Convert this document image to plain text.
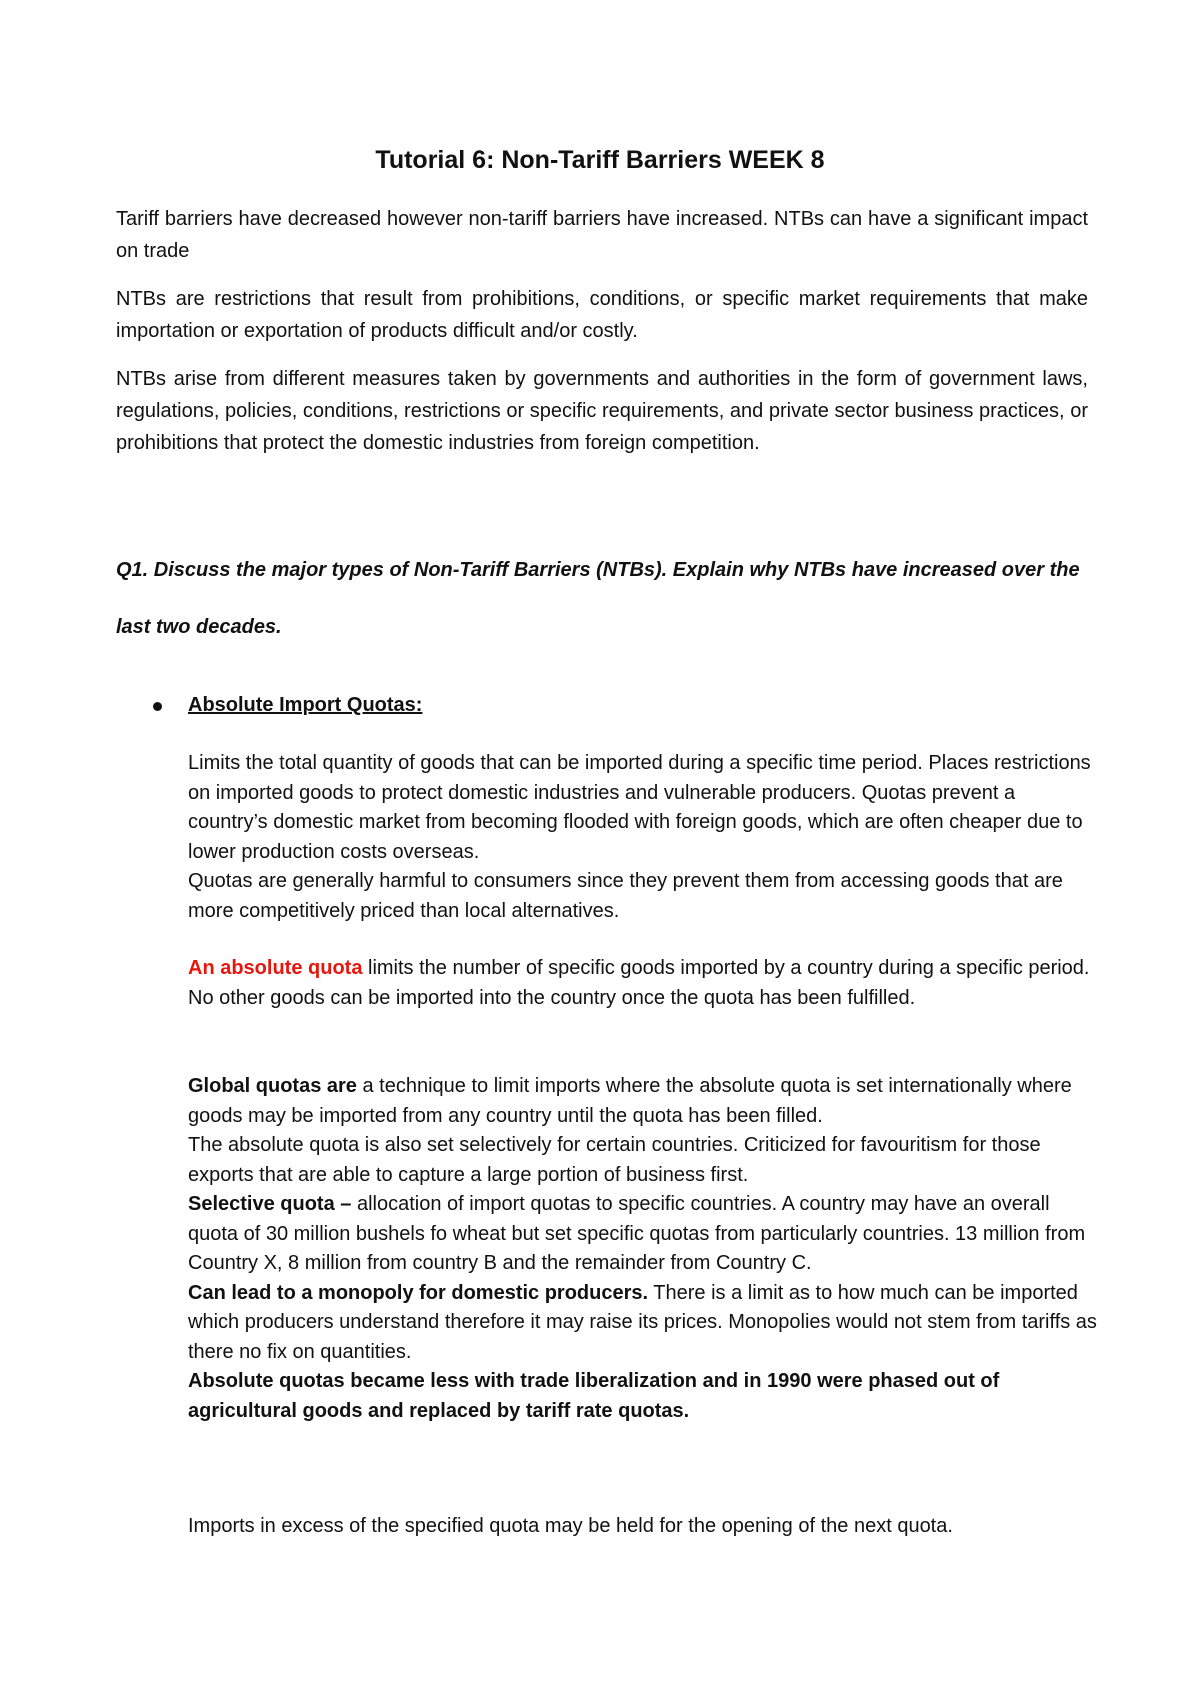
Tutorial 6: Non-Tariff Barriers WEEK 8

Tariff barriers have decreased however non-tariff barriers have increased. NTBs can have a significant impact on trade

NTBs are restrictions that result from prohibitions, conditions, or specific market requirements that make importation or exportation of products difficult and/or costly.

NTBs arise from different measures taken by governments and authorities in the form of government laws, regulations, policies, conditions, restrictions or specific requirements, and private sector business practices, or prohibitions that protect the domestic industries from foreign competition.

Q1. Discuss the major types of Non-Tariff Barriers (NTBs). Explain why NTBs have increased over the last two decades.

Absolute Import Quotas:

Limits the total quantity of goods that can be imported during a specific time period. Places restrictions on imported goods to protect domestic industries and vulnerable producers. Quotas prevent a country’s domestic market from becoming flooded with foreign goods, which are often cheaper due to lower production costs overseas.

Quotas are generally harmful to consumers since they prevent them from accessing goods that are more competitively priced than local alternatives.

An absolute quota limits the number of specific goods imported by a country during a specific period. No other goods can be imported into the country once the quota has been fulfilled.

Global quotas are a technique to limit imports where the absolute quota is set internationally where goods may be imported from any country until the quota has been filled.

The absolute quota is also set selectively for certain countries. Criticized for favouritism for those exports that are able to capture a large portion of business first.

Selective quota – allocation of import quotas to specific countries. A country may have an overall quota of 30 million bushels fo wheat but set specific quotas from particularly countries. 13 million from Country X, 8 million from country B and the remainder from Country C.

Can lead to a monopoly for domestic producers. There is a limit as to how much can be imported which producers understand therefore it may raise its prices. Monopolies would not stem from tariffs as there no fix on quantities.

Absolute quotas became less with trade liberalization and in 1990 were phased out of agricultural goods and replaced by tariff rate quotas.

Imports in excess of the specified quota may be held for the opening of the next quota.
